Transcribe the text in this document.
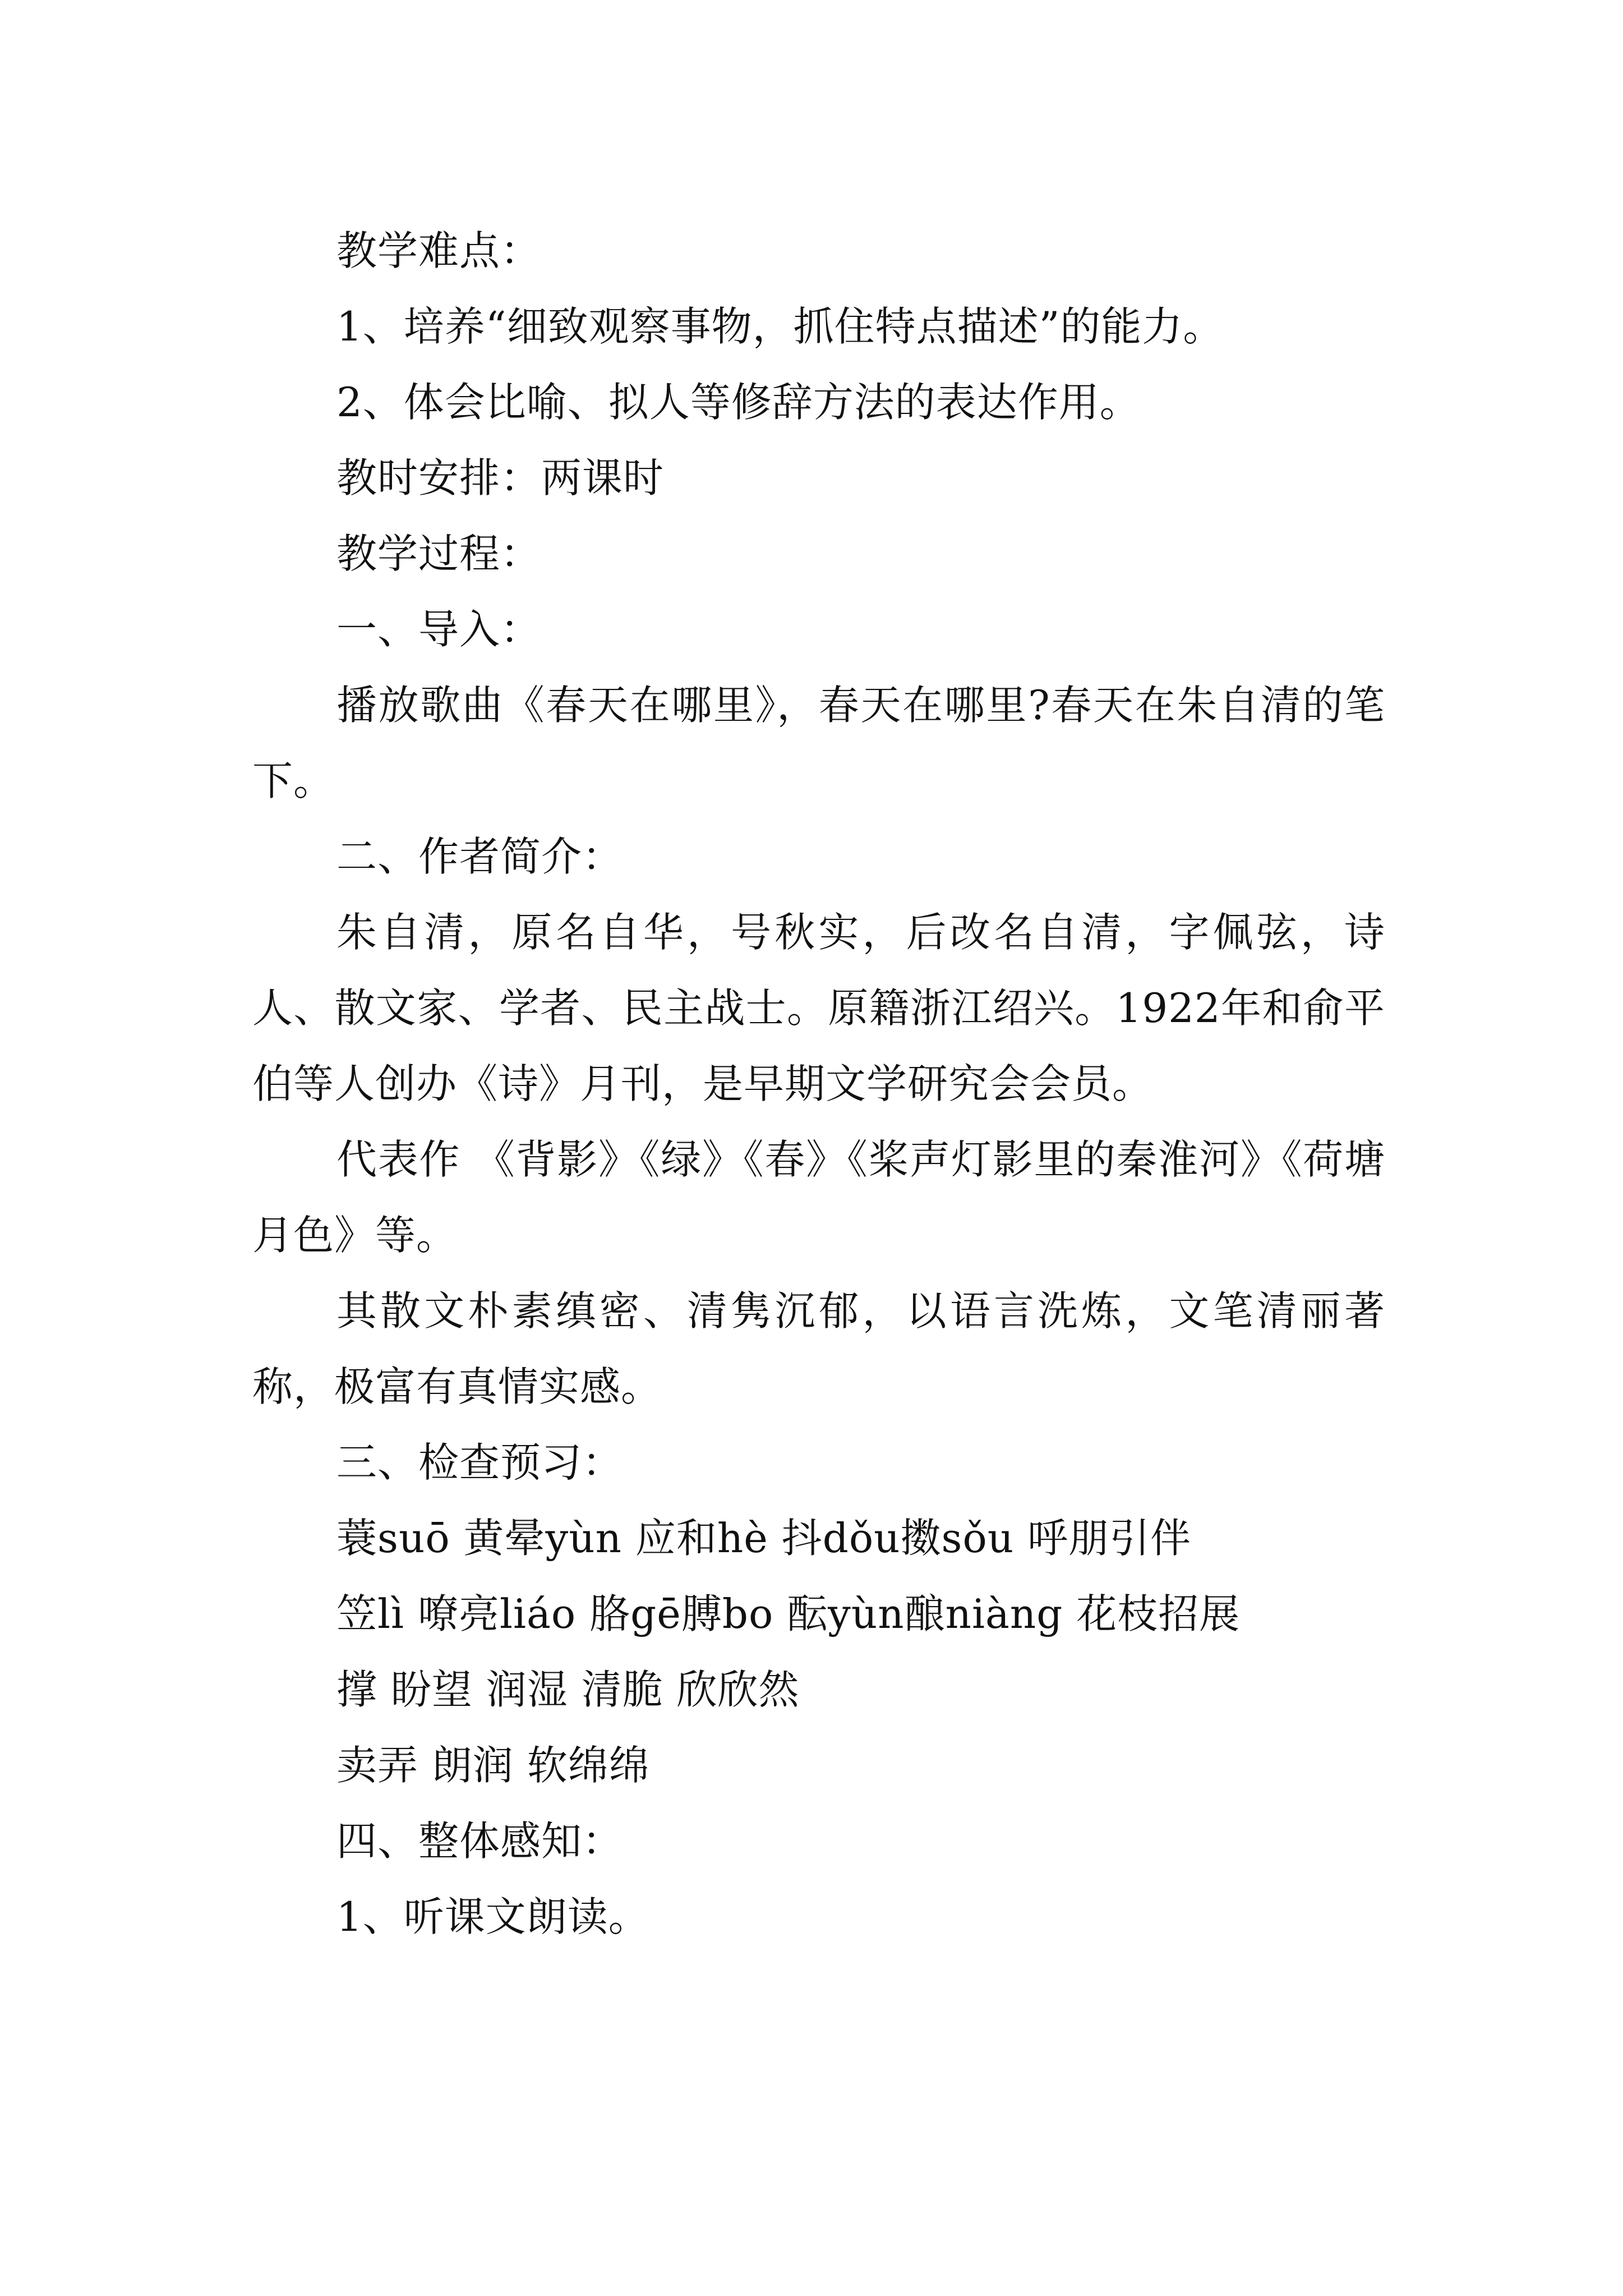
教学难点：

1、培养“细致观察事物，抓住特点描述”的能力。

2、体会比喻、拟人等修辞方法的表达作用。

教时安排：两课时

教学过程：

一、导入：

播放歌曲《春天在哪里》，春天在哪里?春天在朱自清的笔下。

二、作者简介：

朱自清，原名自华，号秋实，后改名自清，字佩弦，诗人、散文家、学者、民主战士。原籍浙江绍兴。1922年和俞平伯等人创办《诗》月刊，是早期文学研究会会员。

代表作 《背影》《绿》《春》《桨声灯影里的秦淮河》《荷塘月色》等。

其散文朴素缜密、清隽沉郁，以语言洗炼，文笔清丽著称，极富有真情实感。

三、检查预习：

蓑suō 黄晕yùn 应和hè 抖dǒu擞sǒu 呼朋引伴

笠lì 嘹亮liáo 胳gē膊bo 酝yùn酿niàng 花枝招展

撑 盼望 润湿 清脆 欣欣然

卖弄 朗润 软绵绵

四、整体感知：

1、听课文朗读。
